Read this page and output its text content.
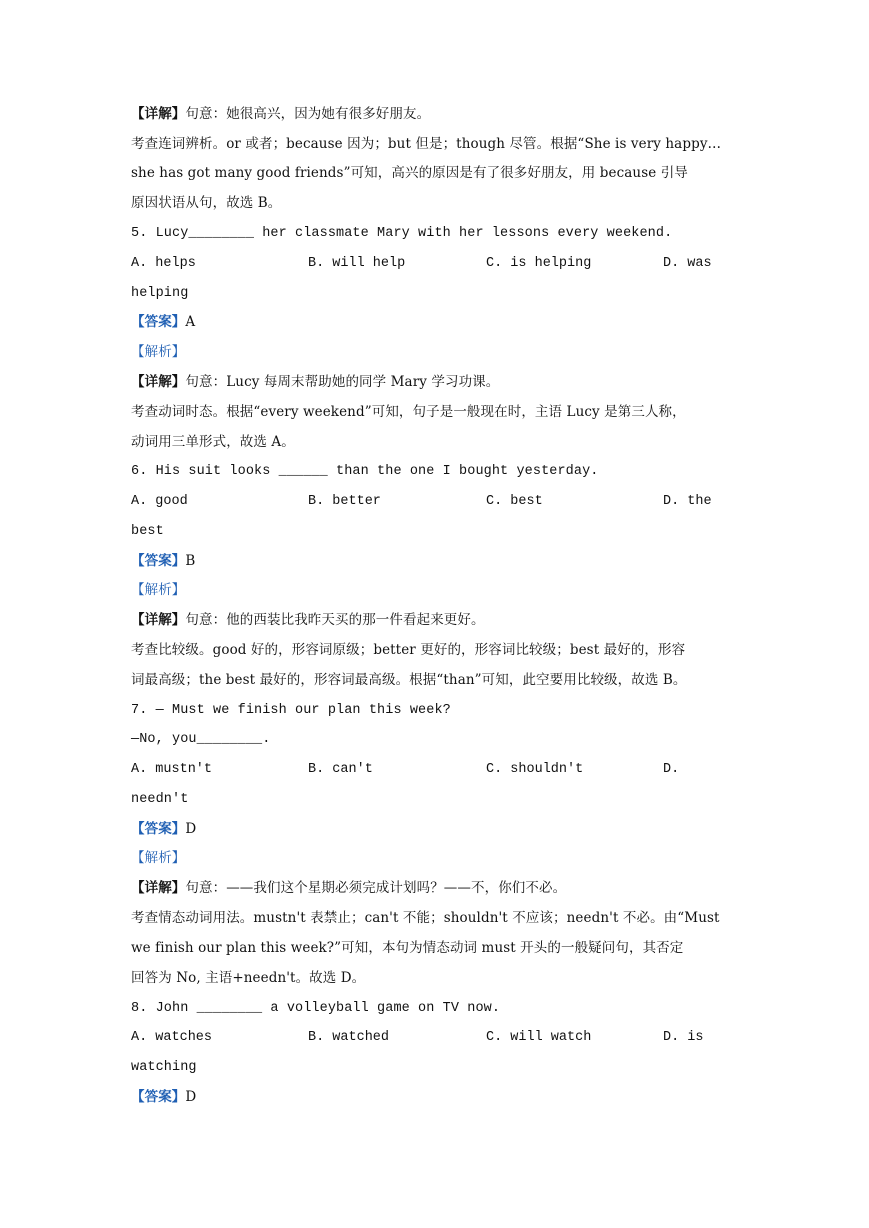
【详解】句意：她很高兴，因为她有很多好朋友。
考查连词辨析。or 或者；because 因为；but 但是；though 尽管。根据“She is very happy…
she has got many good friends”可知，高兴的原因是有了很多好朋友，用 because 引导
原因状语从句，故选 B。
5. Lucy________ her classmate Mary with her lessons every weekend.
A. helps	B. will help	C. is helping	D. was
helping
【答案】A
【解析】
【详解】句意：Lucy 每周末帮助她的同学 Mary 学习功课。
考查动词时态。根据“every weekend”可知，句子是一般现在时，主语 Lucy 是第三人称，
动词用三单形式，故选 A。
6. His suit looks ______ than the one I bought yesterday.
A. good	B. better	C. best	D. the
best
【答案】B
【解析】
【详解】句意：他的西装比我昨天买的那一件看起来更好。
考查比较级。good 好的，形容词原级；better 更好的，形容词比较级；best 最好的，形容
词最高级；the best 最好的，形容词最高级。根据“than”可知，此空要用比较级，故选 B。
7. — Must we finish our plan this week?
—No, you________.
A. mustn't	B. can't	C. shouldn't	D.
needn't
【答案】D
【解析】
【详解】句意：——我们这个星期必须完成计划吗？——不，你们不必。
考查情态动词用法。mustn't 表禁止；can't 不能；shouldn't 不应该；needn't 不必。由“Must
we finish our plan this week?”可知，本句为情态动词 must 开头的一般疑问句，其否定
回答为 No, 主语+needn't。故选 D。
8. John ________ a volleyball game on TV now.
A. watches	B. watched	C. will watch	D. is
watching
【答案】D
